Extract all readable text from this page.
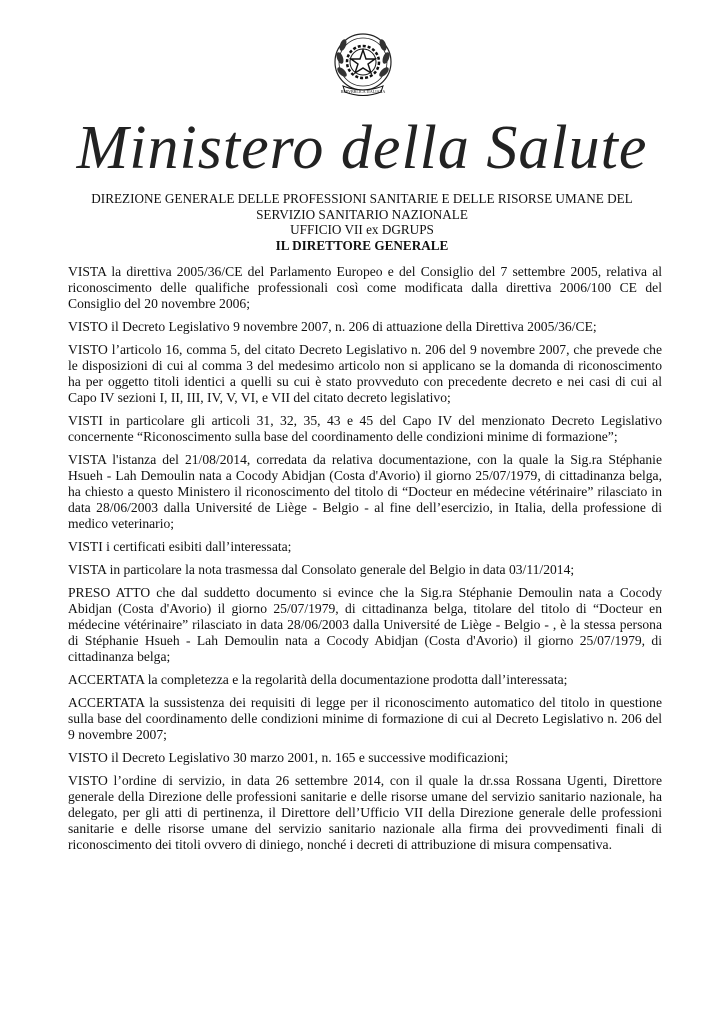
REPVBBLICA ITALIANA
Ministero della Salute
DIREZIONE GENERALE DELLE PROFESSIONI SANITARIE E DELLE RISORSE UMANE DEL
SERVIZIO SANITARIO NAZIONALE
UFFICIO VII ex DGRUPS
IL DIRETTORE GENERALE

VISTA la direttiva 2005/36/CE del Parlamento Europeo e del Consiglio del 7 settembre 2005, relativa al riconoscimento delle qualifiche professionali così come modificata dalla direttiva 2006/100 CE del Consiglio del 20 novembre 2006;

VISTO il Decreto Legislativo 9 novembre 2007, n. 206 di attuazione della Direttiva 2005/36/CE;

VISTO l’articolo 16, comma 5, del citato Decreto Legislativo n. 206 del 9 novembre 2007, che prevede che le disposizioni di cui al comma 3 del medesimo articolo non si applicano se la domanda di riconoscimento ha per oggetto titoli identici a quelli su cui è stato provveduto con precedente decreto e nei casi di cui al Capo IV sezioni I, II, III, IV, V, VI, e VII del citato decreto legislativo;

VISTI in particolare gli articoli 31, 32, 35, 43 e 45 del Capo IV del menzionato Decreto Legislativo concernente “Riconoscimento sulla base del coordinamento delle condizioni minime di formazione”;

VISTA l'istanza del 21/08/2014, corredata da relativa documentazione, con la quale la Sig.ra Stéphanie Hsueh - Lah Demoulin nata a Cocody Abidjan (Costa d'Avorio) il giorno 25/07/1979, di cittadinanza belga, ha chiesto a questo Ministero il riconoscimento del titolo di “Docteur en médecine vétérinaire” rilasciato in data 28/06/2003 dalla Université de Liège - Belgio - al fine dell’esercizio, in Italia, della professione di medico veterinario;

VISTI i certificati esibiti dall’interessata;

VISTA in particolare la nota trasmessa dal Consolato generale del Belgio in data 03/11/2014;

PRESO ATTO che dal suddetto documento si evince che la Sig.ra Stéphanie Demoulin nata a Cocody Abidjan (Costa d'Avorio) il giorno 25/07/1979, di cittadinanza belga, titolare del titolo di “Docteur en médecine vétérinaire” rilasciato in data 28/06/2003 dalla Université de Liège - Belgio - , è la stessa persona di Stéphanie Hsueh - Lah Demoulin nata a Cocody Abidjan (Costa d'Avorio) il giorno 25/07/1979, di cittadinanza belga;

ACCERTATA la completezza e la regolarità della documentazione prodotta dall’interessata;

ACCERTATA la sussistenza dei requisiti di legge per il riconoscimento automatico del titolo in questione sulla base del coordinamento delle condizioni minime di formazione di cui al Decreto Legislativo n. 206 del 9 novembre 2007;

VISTO il Decreto Legislativo 30 marzo 2001, n. 165 e successive modificazioni;

VISTO l’ordine di servizio, in data 26 settembre 2014, con il quale la dr.ssa Rossana Ugenti, Direttore generale della Direzione delle professioni sanitarie e delle risorse umane del servizio sanitario nazionale, ha delegato, per gli atti di pertinenza, il Direttore dell’Ufficio VII della Direzione generale delle professioni sanitarie e delle risorse umane del servizio sanitario nazionale alla firma dei provvedimenti finali di riconoscimento dei titoli ovvero di diniego, nonché i decreti di attribuzione di misura compensativa.
